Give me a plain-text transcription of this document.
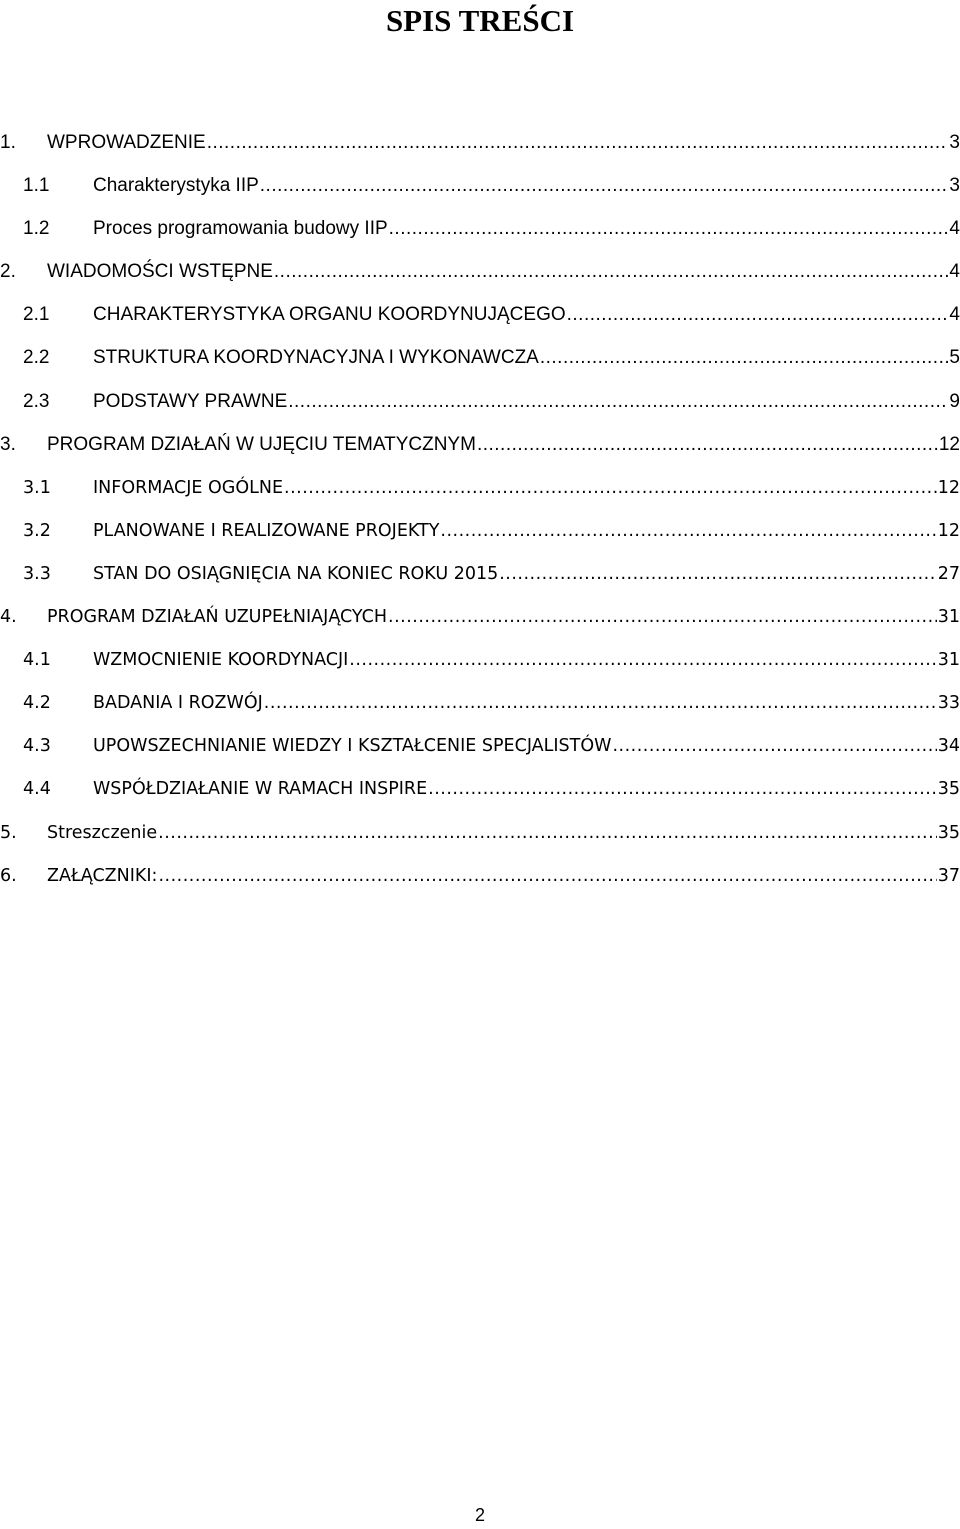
SPIS TREŚCI
1.	WPROWADZENIE .....	3
1.1	Charakterystyka IIP .....	3
1.2	Proces programowania budowy IIP .....	4
2.	WIADOMOŚCI WSTĘPNE .....	4
2.1	CHARAKTERYSTYKA ORGANU KOORDYNUJĄCEGO .....	4
2.2	STRUKTURA KOORDYNACYJNA I WYKONAWCZA .....	5
2.3	PODSTAWY PRAWNE .....	9
3.	PROGRAM DZIAŁAŃ W UJĘCIU TEMATYCZNYM .....	12
3.1	INFORMACJE OGÓLNE .....	12
3.2	PLANOWANE I REALIZOWANE PROJEKTY .....	12
3.3	STAN DO OSIĄGNIĘCIA NA KONIEC ROKU 2015 .....	27
4.	PROGRAM DZIAŁAŃ UZUPEŁNIAJĄCYCH .....	31
4.1	WZMOCNIENIE KOORDYNACJI .....	31
4.2	BADANIA I ROZWÓJ .....	33
4.3	UPOWSZECHNIANIE WIEDZY I KSZTAŁCENIE SPECJALISTÓW .....	34
4.4	WSPÓŁDZIAŁANIE W RAMACH INSPIRE .....	35
5.	Streszczenie .....	35
6.	ZAŁĄCZNIKI: .....	37
2
